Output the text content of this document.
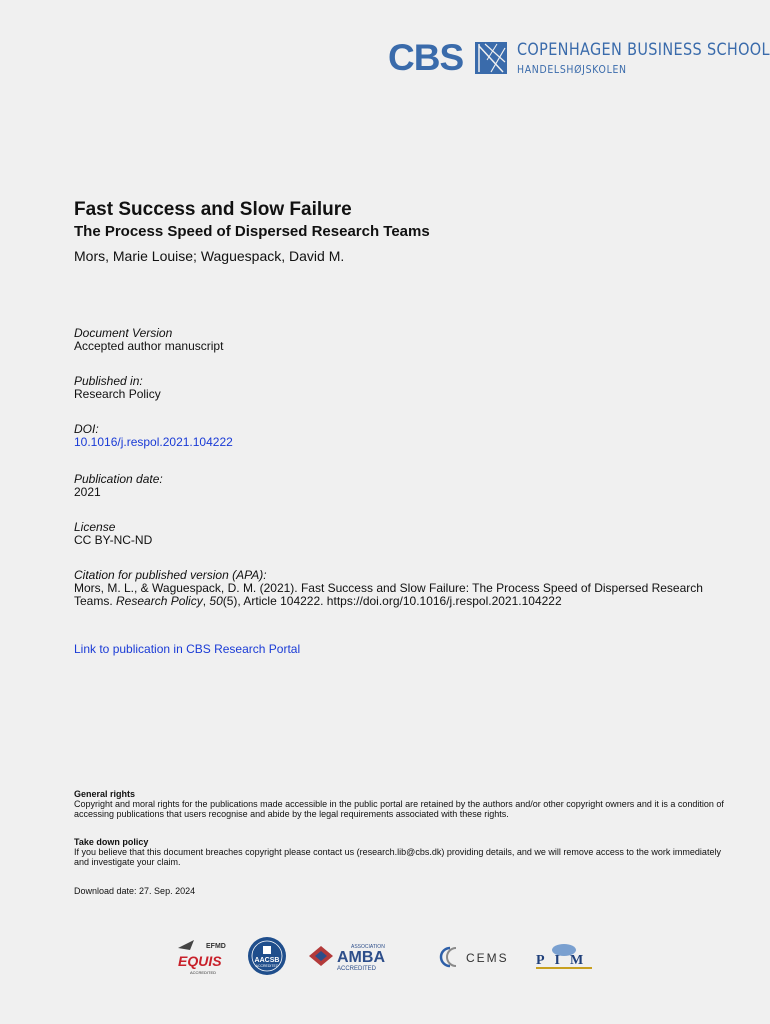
CBS	COPENHAGEN BUSINESS SCHOOL
HANDELSHØJSKOLEN
Fast Success and Slow Failure
The Process Speed of Dispersed Research Teams
Mors, Marie Louise; Waguespack, David M.
Document Version
Accepted author manuscript
Published in:
Research Policy
DOI:
10.1016/j.respol.2021.104222
Publication date:
2021
License
CC BY-NC-ND
Citation for published version (APA):
Mors, M. L., & Waguespack, D. M. (2021). Fast Success and Slow Failure: The Process Speed of Dispersed Research Teams. Research Policy, 50(5), Article 104222. https://doi.org/10.1016/j.respol.2021.104222
Link to publication in CBS Research Portal
General rights
Copyright and moral rights for the publications made accessible in the public portal are retained by the authors and/or other copyright owners and it is a condition of accessing publications that users recognise and abide by the legal requirements associated with these rights.
Take down policy
If you believe that this document breaches copyright please contact us (research.lib@cbs.dk) providing details, and we will remove access to the work immediately and investigate your claim.
Download date: 27. Sep. 2024
EFMD
EQUIS
ACCREDITED
AACSB
ACCREDITED
ASSOCIATION
AMBA
ACCREDITED
CEMS PIM
